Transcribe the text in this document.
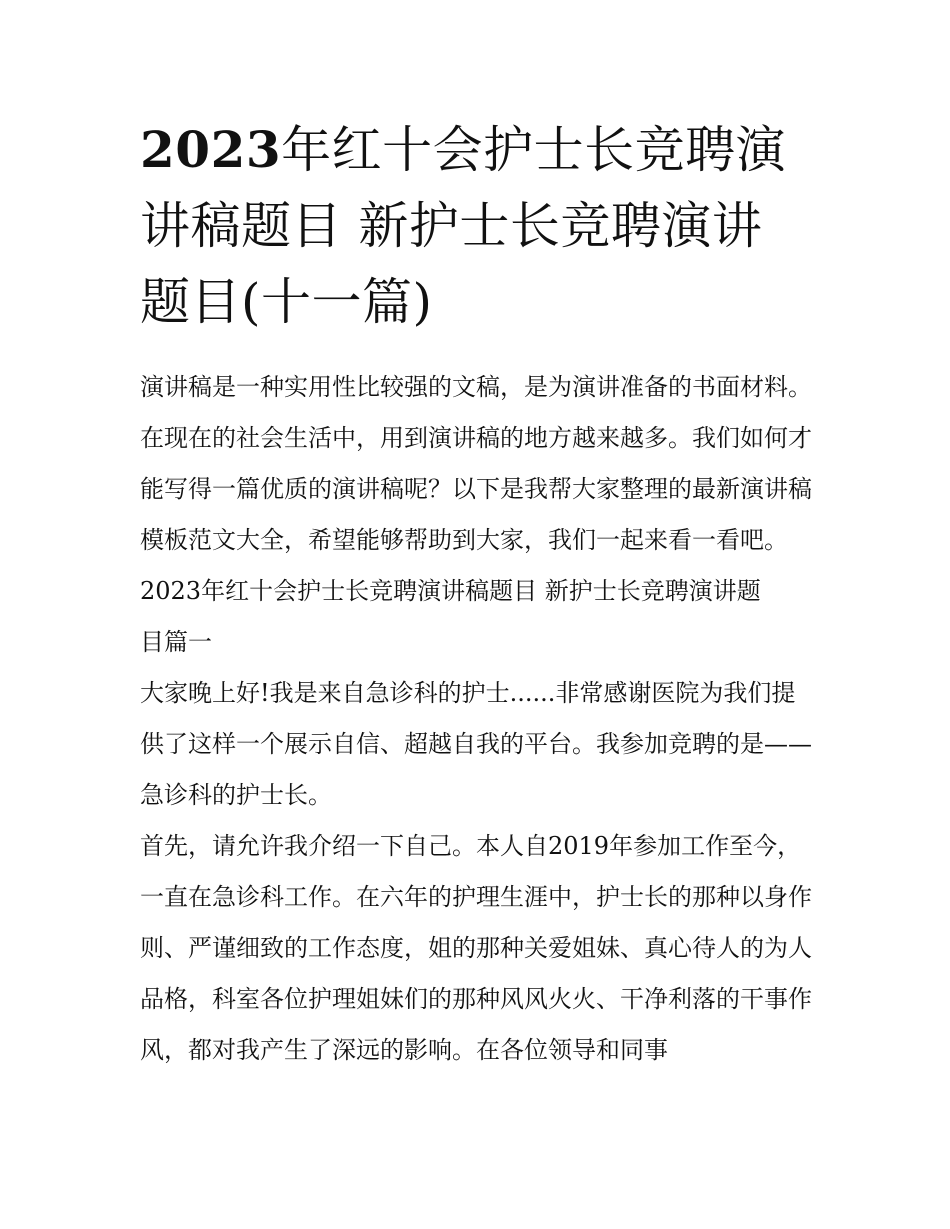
2023年红十会护士长竞聘演讲稿题目 新护士长竞聘演讲题目(十一篇)

演讲稿是一种实用性比较强的文稿，是为演讲准备的书面材料。在现在的社会生活中，用到演讲稿的地方越来越多。我们如何才能写得一篇优质的演讲稿呢？以下是我帮大家整理的最新演讲稿模板范文大全，希望能够帮助到大家，我们一起来看一看吧。

2023年红十会护士长竞聘演讲稿题目 新护士长竞聘演讲题目篇一

大家晚上好!我是来自急诊科的护士......非常感谢医院为我们提供了这样一个展示自信、超越自我的平台。我参加竞聘的是——急诊科的护士长。

首先，请允许我介绍一下自己。本人自2019年参加工作至今，一直在急诊科工作。在六年的护理生涯中，护士长的那种以身作则、严谨细致的工作态度，姐的那种关爱姐妹、真心待人的为人品格，科室各位护理姐妹们的那种风风火火、干净利落的干事作风，都对我产生了深远的影响。在各位领导和同事
